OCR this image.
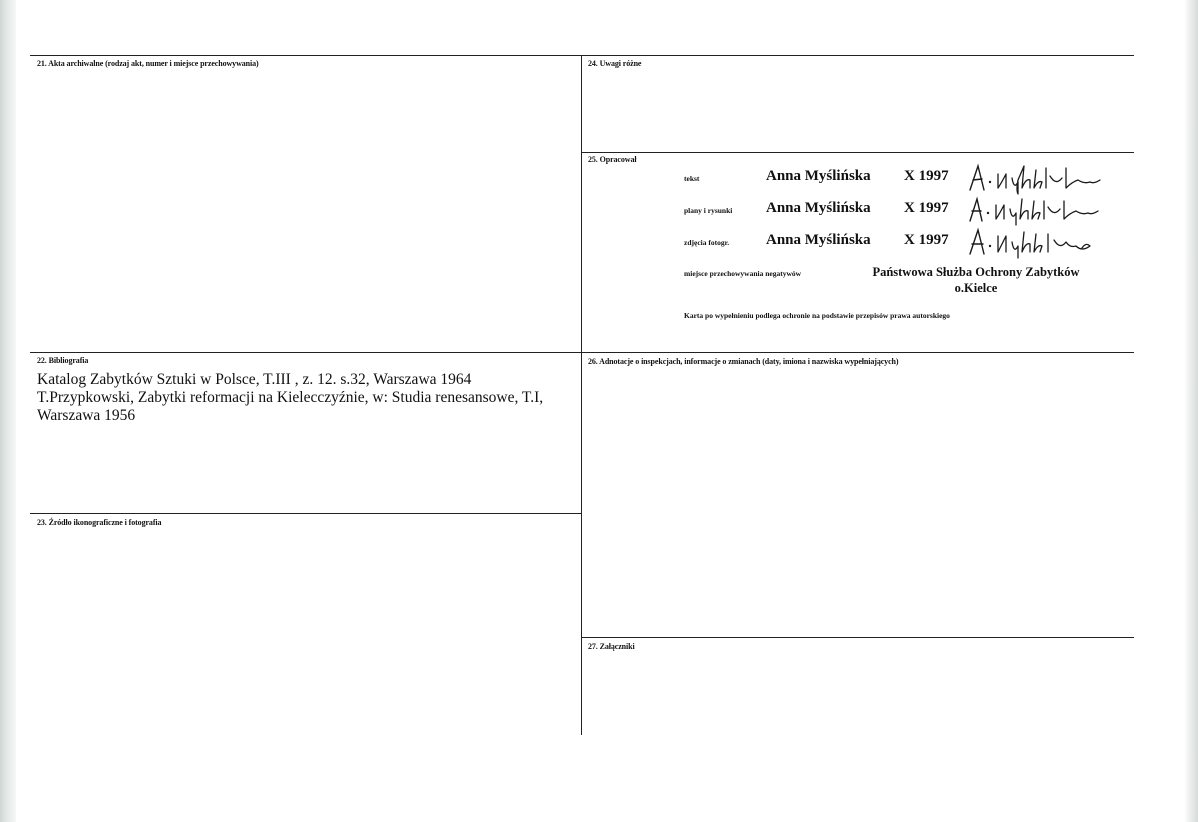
21. Akta archiwalne (rodzaj akt, numer i miejsce przechowywania)	24. Uwagi różne
25. Opracował
22. Bibliografia	26. Adnotacje o inspekcjach, informacje o zmianach (daty, imiona i nazwiska wypełniających)
23. Źródło ikonograficzne i fotografia
27. Załączniki
Katalog Zabytków Sztuki w Polsce, T.III , z. 12. s.32, Warszawa 1964
T.Przypkowski, Zabytki reformacji na Kielecczyźnie, w: Studia renesansowe, T.I, Warszawa 1956
tekst	Anna Myślińska X 1997
plany i rysunki Anna Myślińska X 1997
zdjęcia fotogr. Anna Myślińska X 1997
miejsce przechowywania negatywów	Państwowa Służba Ochrony Zabytków
o.Kielce
Karta po wypełnieniu podlega ochronie na podstawie przepisów prawa autorskiego
